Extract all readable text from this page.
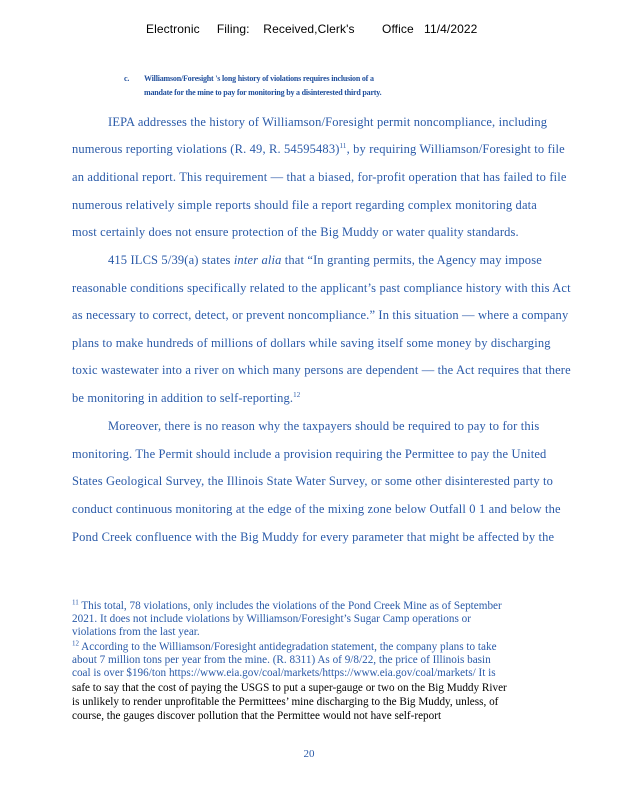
Electronic     Filing:    Received,Clerk's        Office   11/4/2022
c. Williamson/Foresight 's long history of violations requires inclusion of a
mandate for the mine to pay for monitoring by a disinterested third party.
IEPA addresses the history of Williamson/Foresight permit noncompliance, including
numerous reporting violations (R. 49, R. 54595483)$^{11}$, by requiring Williamson/Foresight to file
an additional report. This requirement — that a biased, for-profit operation that has failed to file
numerous relatively simple reports should file a report regarding complex monitoring data
most certainly does not ensure protection of the Big Muddy or water quality standards.
415 ILCS 5/39(a) states inter alia that “In granting permits, the Agency may impose
reasonable conditions specifically related to the applicant’s past compliance history with this Act
as necessary to correct, detect, or prevent noncompliance.” In this situation — where a company
plans to make hundreds of millions of dollars while saving itself some money by discharging
toxic wastewater into a river on which many persons are dependent — the Act requires that there
be monitoring in addition to self-reporting.$^{12}$
Moreover, there is no reason why the taxpayers should be required to pay to for this
monitoring. The Permit should include a provision requiring the Permittee to pay the United
States Geological Survey, the Illinois State Water Survey, or some other disinterested party to
conduct continuous monitoring at the edge of the mixing zone below Outfall 0 1 and below the
Pond Creek confluence with the Big Muddy for every parameter that might be affected by the
$^{11}$ This total, 78 violations, only includes the violations of the Pond Creek Mine as of September
2021. It does not include violations by Williamson/Foresight’s Sugar Camp operations or
violations from the last year.
$^{12}$ According to the Williamson/Foresight antidegradation statement, the company plans to take
about 7 million tons per year from the mine. (R. 8311) As of 9/8/22, the price of Illinois basin
coal is over $196/ton https://www.eia.gov/coal/markets/https://www.eia.gov/coal/markets/ It is
safe to say that the cost of paying the USGS to put a super-gauge or two on the Big Muddy River
is unlikely to render unprofitable the Permittees’ mine discharging to the Big Muddy, unless, of
course, the gauges discover pollution that the Permittee would not have self-report
20
